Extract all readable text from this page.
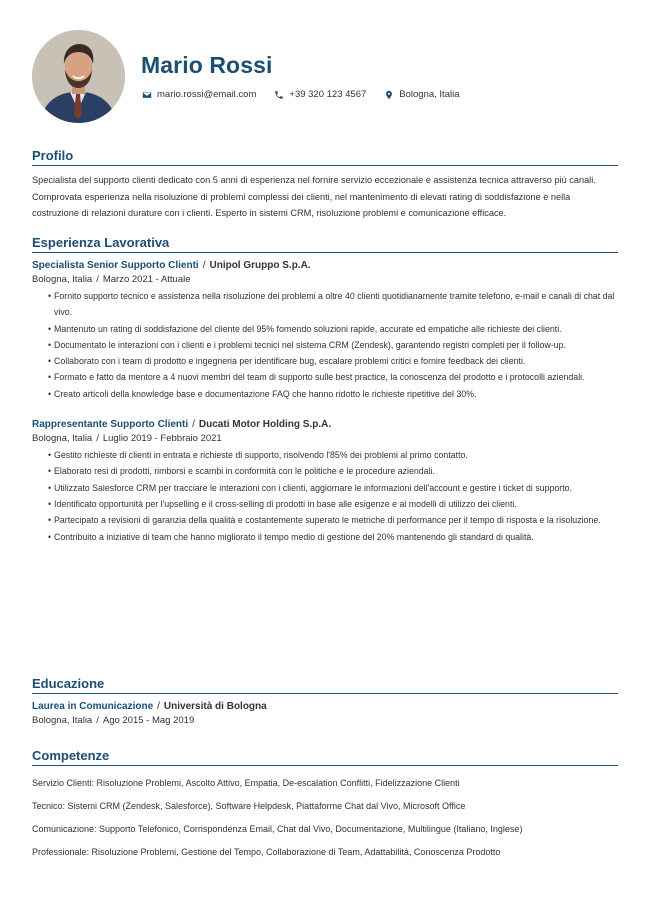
Mario Rossi
mario.rossi@email.com	+39 320 123 4567	Bologna, Italia
Profilo
Specialista del supporto clienti dedicato con 5 anni di esperienza nel fornire servizio eccezionale e assistenza tecnica attraverso più canali. Comprovata esperienza nella risoluzione di problemi complessi dei clienti, nel mantenimento di elevati rating di soddisfazione e nella costruzione di relazioni durature con i clienti. Esperto in sistemi CRM, risoluzione problemi e comunicazione efficace.
Esperienza Lavorativa
Specialista Senior Supporto Clienti / Unipol Gruppo S.p.A.
Bologna, Italia / Marzo 2021 - Attuale
• Fornito supporto tecnico e assistenza nella risoluzione dei problemi a oltre 40 clienti quotidianamente tramite telefono, e-mail e canali di chat dal vivo.
• Mantenuto un rating di soddisfazione del cliente del 95% fornendo soluzioni rapide, accurate ed empatiche alle richieste dei clienti.
• Documentato le interazioni con i clienti e i problemi tecnici nel sistema CRM (Zendesk), garantendo registri completi per il follow-up.
• Collaborato con i team di prodotto e ingegneria per identificare bug, escalare problemi critici e fornire feedback dei clienti.
• Formato e fatto da mentore a 4 nuovi membri del team di supporto sulle best practice, la conoscenza del prodotto e i protocolli aziendali.
• Creato articoli della knowledge base e documentazione FAQ che hanno ridotto le richieste ripetitive del 30%.
Rappresentante Supporto Clienti / Ducati Motor Holding S.p.A.
Bologna, Italia / Luglio 2019 - Febbraio 2021
• Gestito richieste di clienti in entrata e richieste di supporto, risolvendo l'85% dei problemi al primo contatto.
• Elaborato resi di prodotti, rimborsi e scambi in conformità con le politiche e le procedure aziendali.
• Utilizzato Salesforce CRM per tracciare le interazioni con i clienti, aggiornare le informazioni dell'account e gestire i ticket di supporto.
• Identificato opportunità per l'upselling e il cross-selling di prodotti in base alle esigenze e ai modelli di utilizzo dei clienti.
• Partecipato a revisioni di garanzia della qualità e costantemente superato le metriche di performance per il tempo di risposta e la risoluzione.
• Contribuito a iniziative di team che hanno migliorato il tempo medio di gestione del 20% mantenendo gli standard di qualità.
Educazione
Laurea in Comunicazione / Università di Bologna
Bologna, Italia / Ago 2015 - Mag 2019
Competenze
Servizio Clienti: Risoluzione Problemi, Ascolto Attivo, Empatia, De-escalation Conflitti, Fidelizzazione Clienti
Tecnico: Sistemi CRM (Zendesk, Salesforce), Software Helpdesk, Piattaforme Chat dal Vivo, Microsoft Office
Comunicazione: Supporto Telefonico, Corrispondenza Email, Chat dal Vivo, Documentazione, Multilingue (Italiano, Inglese)
Professionale: Risoluzione Problemi, Gestione del Tempo, Collaborazione di Team, Adattabilità, Conoscenza Prodotto
